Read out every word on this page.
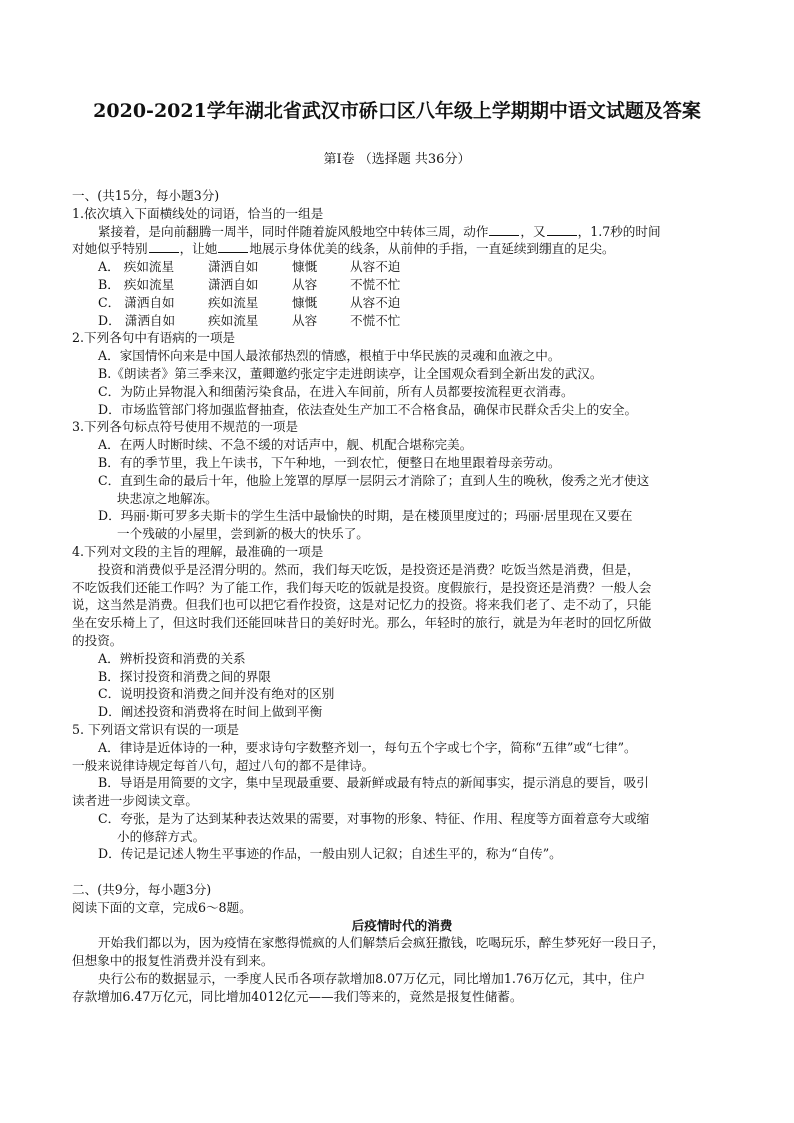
2020-2021学年湖北省武汉市硚口区八年级上学期期中语文试题及答案
第Ⅰ卷 （选择题 共36分）

一、(共15分，每小题3分)

1.依次填入下面横线处的词语，恰当的一组是

紧接着，是向前翻腾一周半，同时伴随着旋风般地空中转体三周，动作	，又	，1.7秒的时间

对她似乎特别	，让她	地展示身体优美的线条，从前伸的手指，一直延续到绷直的足尖。

A． 疾如流星	潇洒自如	慷慨	从容不迫

B． 疾如流星	潇洒自如	从容	不慌不忙

C． 潇洒自如	疾如流星	慷慨	从容不迫

D． 潇洒自如	疾如流星	从容	不慌不忙

2.下列各句中有语病的一项是

A．家国情怀向来是中国人最浓郁热烈的情感，根植于中华民族的灵魂和血液之中。

B.《朗读者》第三季来汉，董卿邀约张定宇走进朗读亭，让全国观众看到全新出发的武汉。

C．为防止异物混入和细菌污染食品，在进入车间前，所有人员都要按流程更衣消毒。

D．市场监管部门将加强监督抽查，依法查处生产加工不合格食品，确保市民群众舌尖上的安全。

3.下列各句标点符号使用不规范的一项是

A．在两人时断时续、不急不缓的对话声中，舰、机配合堪称完美。

B．有的季节里，我上午读书，下午种地，一到农忙，便整日在地里跟着母亲劳动。

C．直到生命的最后十年，他脸上笼罩的厚厚一层阴云才消除了；直到人生的晚秋，俊秀之光才使这

块悲凉之地解冻。

D．玛丽·斯可罗多夫斯卡的学生生活中最愉快的时期，是在楼顶里度过的；玛丽·居里现在又要在

一个残破的小屋里，尝到新的极大的快乐了。

4.下列对文段的主旨的理解，最准确的一项是

投资和消费似乎是泾渭分明的。然而，我们每天吃饭，是投资还是消费？吃饭当然是消费，但是，

不吃饭我们还能工作吗？为了能工作，我们每天吃的饭就是投资。度假旅行，是投资还是消费？一般人会

说，这当然是消费。但我们也可以把它看作投资，这是对记忆力的投资。将来我们老了、走不动了，只能

坐在安乐椅上了，但这时我们还能回味昔日的美好时光。那么，年轻时的旅行，就是为年老时的回忆所做

的投资。

A．辨析投资和消费的关系

B．探讨投资和消费之间的界限

C．说明投资和消费之间并没有绝对的区别

D．阐述投资和消费将在时间上做到平衡

5. 下列语文常识有误的一项是

A．律诗是近体诗的一种，要求诗句字数整齐划一，每句五个字或七个字，简称“五律”或“七律”。

一般来说律诗规定每首八句，超过八句的都不是律诗。

B．导语是用简要的文字，集中呈现最重要、最新鲜或最有特点的新闻事实，提示消息的要旨，吸引

读者进一步阅读文章。

C．夸张，是为了达到某种表达效果的需要，对事物的形象、特征、作用、程度等方面着意夸大或缩

小的修辞方式。

D．传记是记述人物生平事迹的作品，一般由别人记叙；自述生平的，称为“自传”。

二、(共9分，每小题3分)

阅读下面的文章，完成6～8题。

后疫情时代的消费

开始我们都以为，因为疫情在家憋得慌疯的人们解禁后会疯狂撒钱，吃喝玩乐，醉生梦死好一段日子，

但想象中的报复性消费并没有到来。

央行公布的数据显示，一季度人民币各项存款增加8.07万亿元，同比增加1.76万亿元，其中，住户

存款增加6.47万亿元，同比增加4012亿元——我们等来的，竟然是报复性储蓄。
